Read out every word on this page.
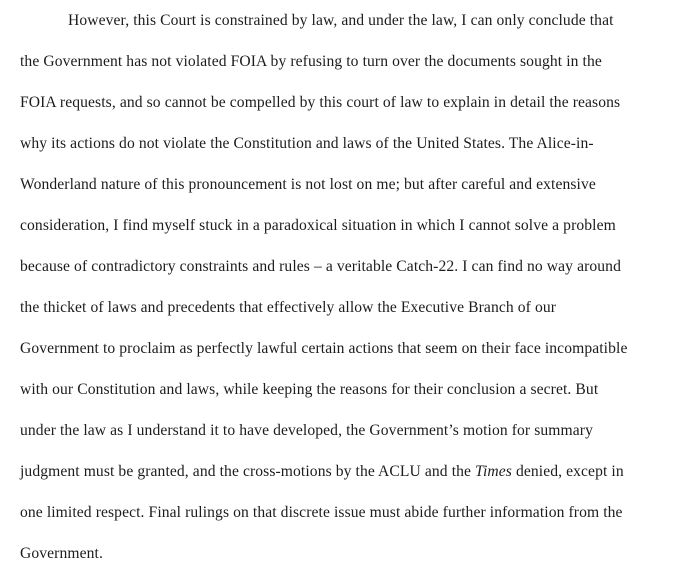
However, this Court is constrained by law, and under the law, I can only conclude that
the Government has not violated FOIA by refusing to turn over the documents sought in the
FOIA requests, and so cannot be compelled by this court of law to explain in detail the reasons
why its actions do not violate the Constitution and laws of the United States. The Alice-in-
Wonderland nature of this pronouncement is not lost on me; but after careful and extensive
consideration, I find myself stuck in a paradoxical situation in which I cannot solve a problem
because of contradictory constraints and rules – a veritable Catch-22. I can find no way around
the thicket of laws and precedents that effectively allow the Executive Branch of our
Government to proclaim as perfectly lawful certain actions that seem on their face incompatible
with our Constitution and laws, while keeping the reasons for their conclusion a secret. But
under the law as I understand it to have developed, the Government’s motion for summary
judgment must be granted, and the cross-motions by the ACLU and the Times denied, except in
one limited respect. Final rulings on that discrete issue must abide further information from the
Government.
